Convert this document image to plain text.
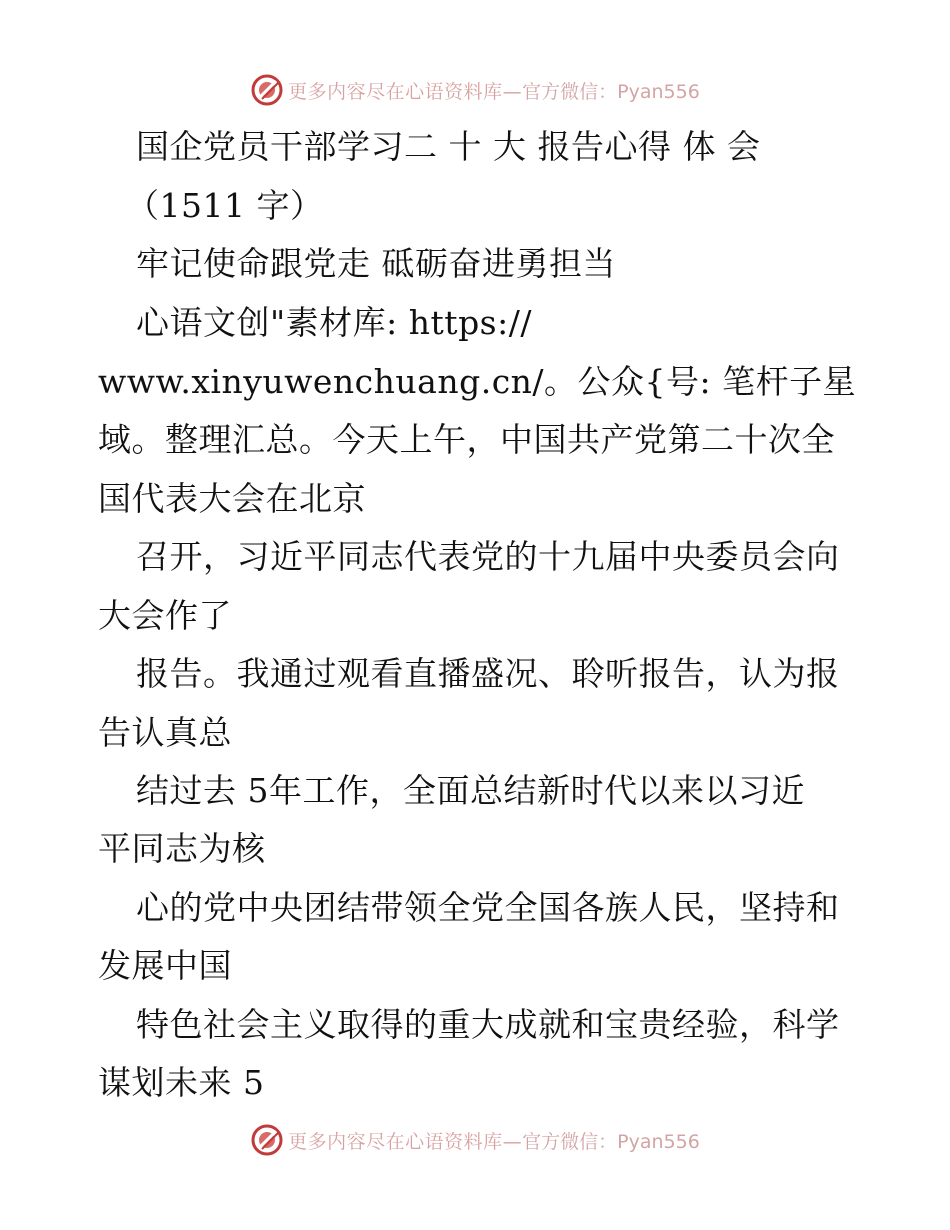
更多内容尽在心语资料库— 官方微信：Pyan556
国企党员干部学习二 十 大 报告心得 体 会
（1511 字）
牢记使命跟党走 砥砺奋进勇担当
心语文创"素材库: https://
www.xinyuwenchuang.cn/。公众{号: 笔杆子星
域。整理汇总。今天上午，中国共产党第二十次全
国代表大会在北京
召开，习近平同志代表党的十九届中央委员会向
大会作了
报告。我通过观看直播盛况、聆听报告，认为报
告认真总
结过去 5年工作，全面总结新时代以来以习近
平同志为核
心的党中央团结带领全党全国各族人民，坚持和
发展中国
特色社会主义取得的重大成就和宝贵经验，科学
谋划未来 5
更多内容尽在心语资料库— 官方微信：Pyan556
